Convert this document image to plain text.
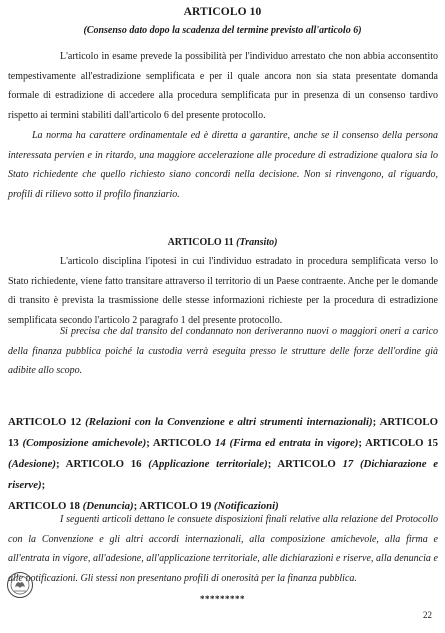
ARTICOLO 10
(Consenso dato dopo la scadenza del termine previsto all'articolo 6)

L'articolo in esame prevede la possibilità per l'individuo arrestato che non abbia acconsentito tempestivamente all'estradizione semplificata e per il quale ancora non sia stata presentate domanda formale di estradizione di accedere alla procedura semplificata pur in presenza di un consenso tardivo rispetto ai termini stabiliti dall'articolo 6 del presente protocollo.

La norma ha carattere ordinamentale ed è diretta a garantire, anche se il consenso della persona interessata pervien e in ritardo, una maggiore accelerazione alle procedure di estradizione qualora sia lo Stato richiedente che quello richiesto siano concordi nella decisione. Non si rinvengono, al riguardo, profili di rilievo sotto il profilo finanziario.

ARTICOLO 11 (Transito)

L'articolo disciplina l'ipotesi in cui l'individuo estradato in procedura semplificata verso lo Stato richiedente, viene fatto transitare attraverso il territorio di un Paese contraente. Anche per le domande di transito è prevista la trasmissione delle stesse informazioni richieste per la procedura di estradizione semplificata secondo l'articolo 2 paragrafo 1 del presente protocollo.

Si precisa che dal transito del condannato non deriveranno nuovi o maggiori oneri a carico della finanza pubblica poiché la custodia verrà eseguita presso le strutture delle forze dell'ordine già adibite allo scopo.

ARTICOLO 12 (Relazioni con la Convenzione e altri strumenti internazionali); ARTICOLO 13 (Composizione amichevole); ARTICOLO 14 (Firma ed entrata in vigore); ARTICOLO 15 (Adesione); ARTICOLO 16 (Applicazione territoriale); ARTICOLO 17 (Dichiarazione e riserve);
ARTICOLO 18 (Denuncia); ARTICOLO 19 (Notificazioni)

I seguenti articoli dettano le consuete disposizioni finali relative alla relazione del Protocollo con la Convenzione e gli altri accordi internazionali, alla composizione amichevole, alla firma e all'entrata in vigore, all'adesione, all'applicazione territoriale, alle dichiarazioni e riserve, alla denuncia e alle notificazioni. Gli stessi non presentano profili di onerosità per la finanza pubblica.

*********
22
